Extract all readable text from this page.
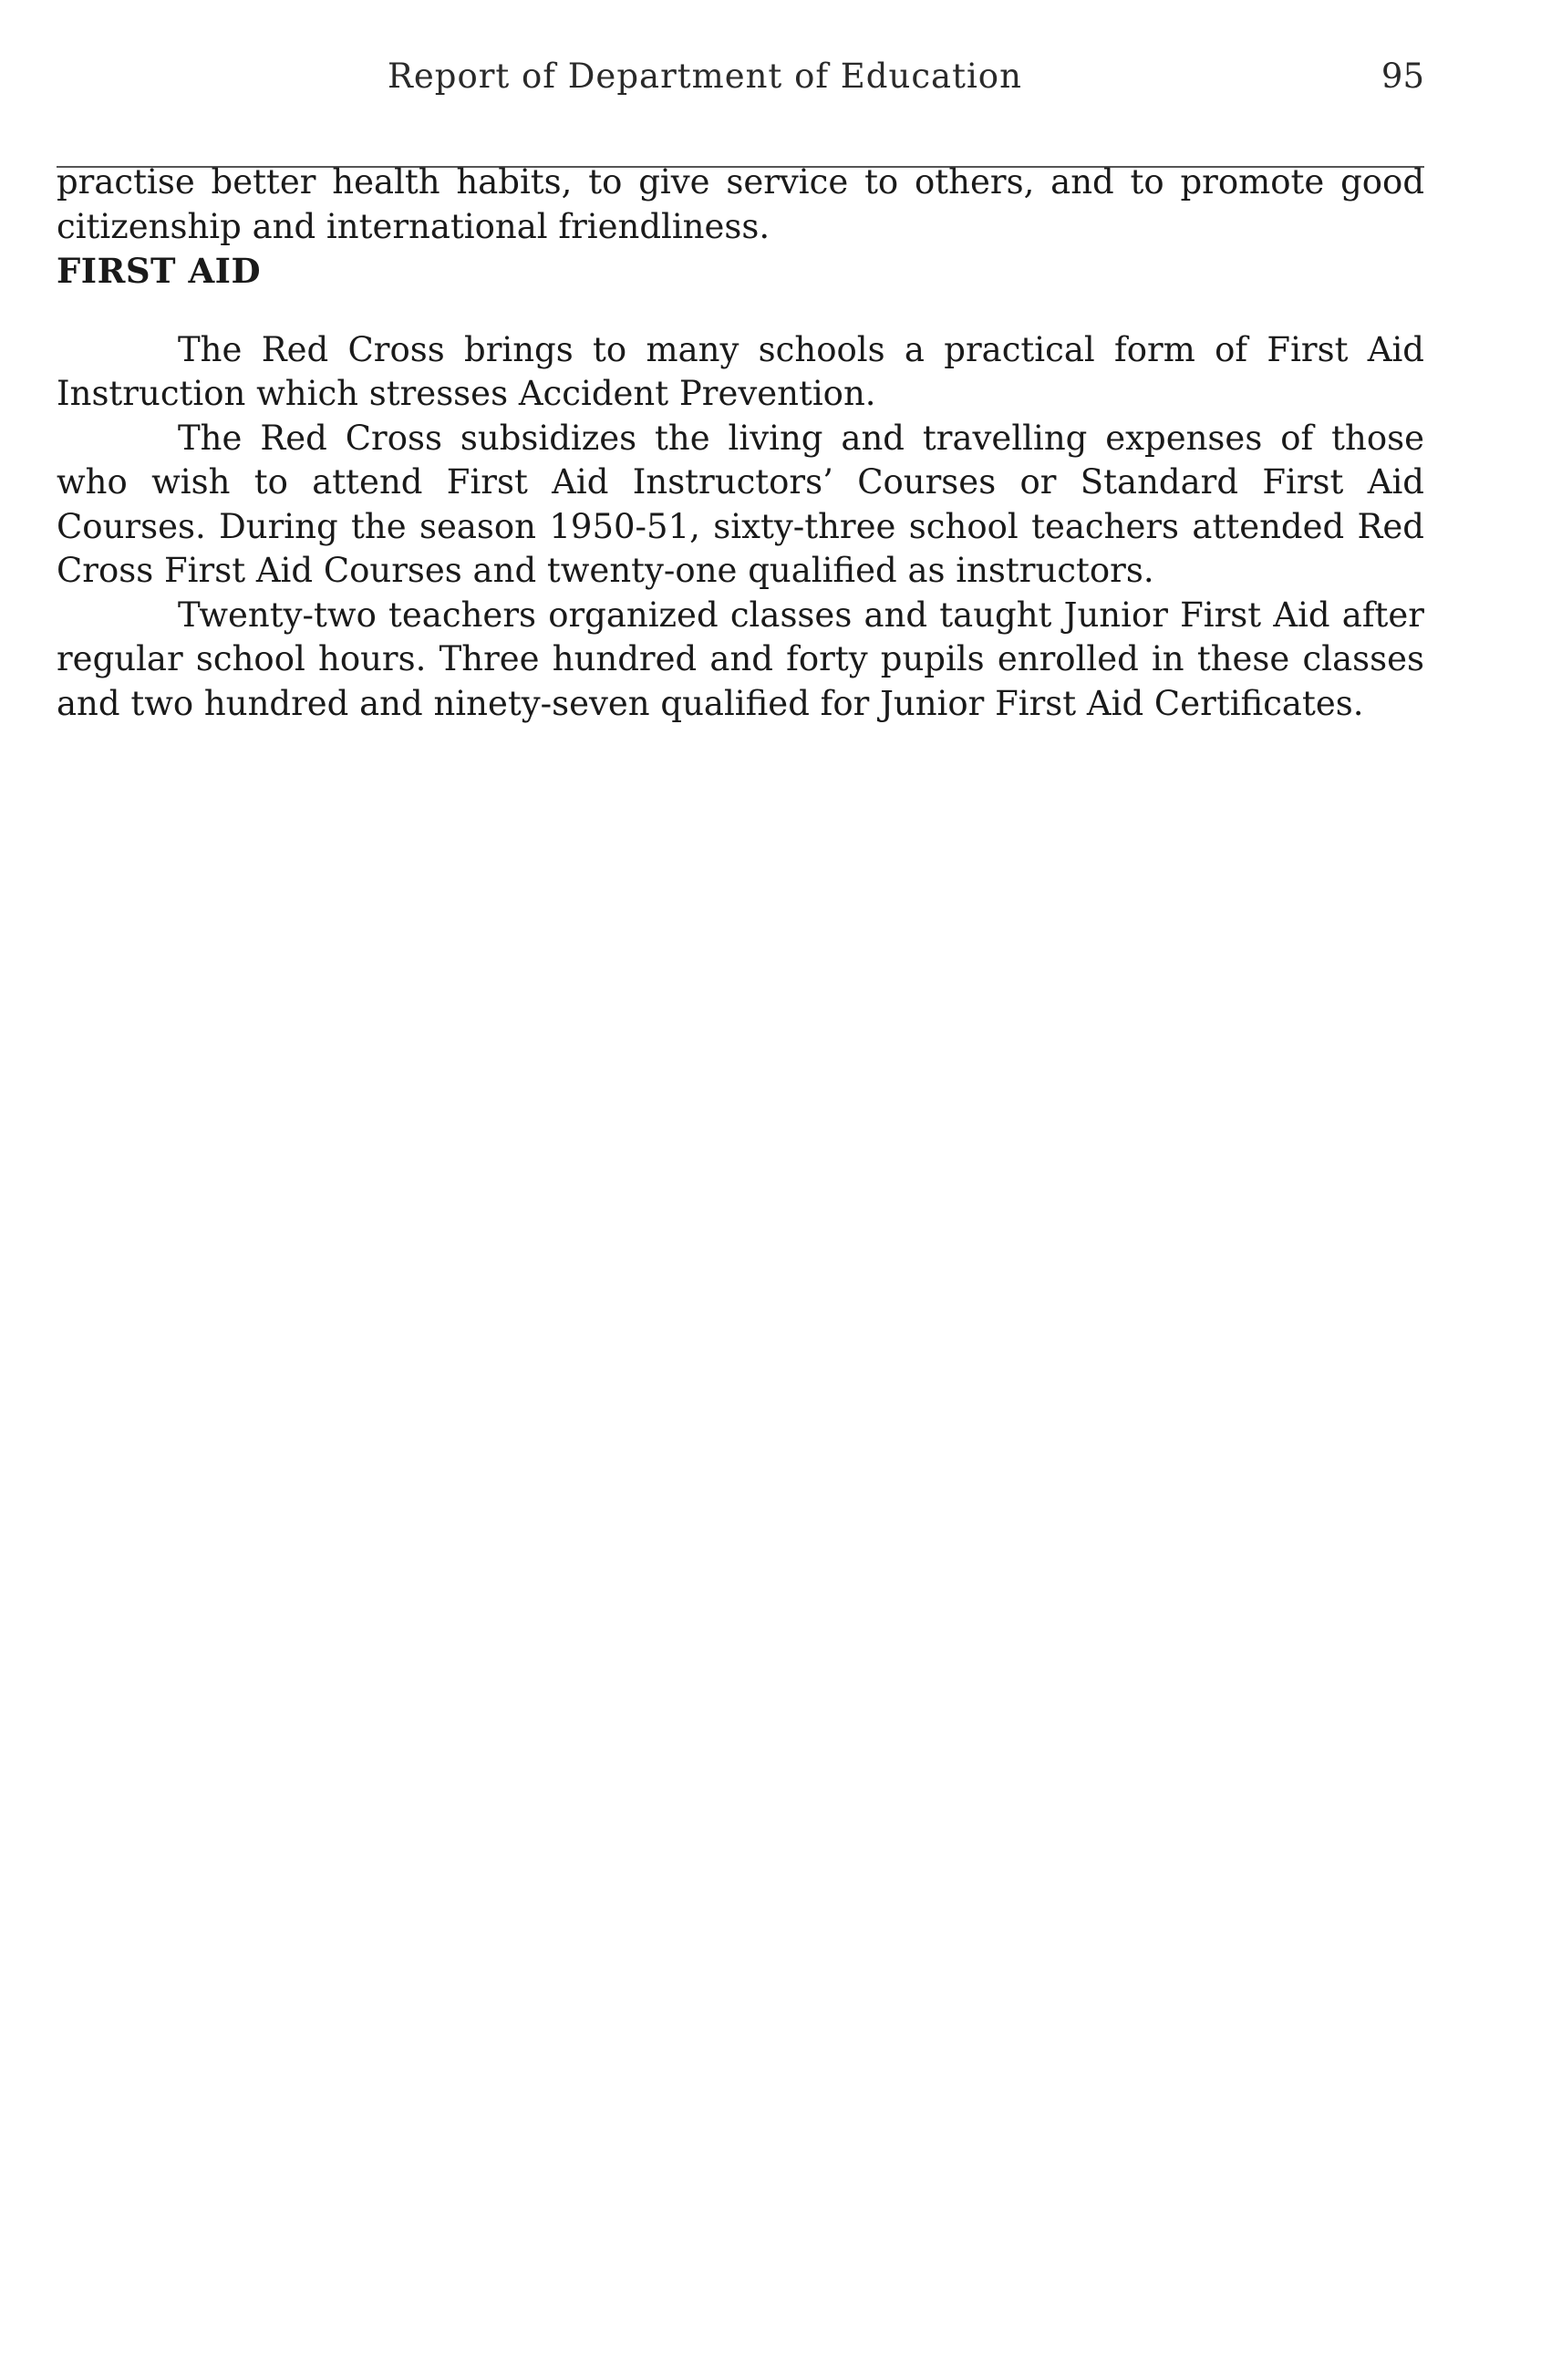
Report of Department of Education	95

practise better health habits, to give service to others, and to promote good citizenship and international friendliness.

FIRST AID

The Red Cross brings to many schools a practical form of First Aid Instruction which stresses Accident Prevention.

The Red Cross subsidizes the living and travelling expenses of those who wish to attend First Aid Instructors’ Courses or Standard First Aid Courses. During the season 1950-51, sixty-three school teachers attended Red Cross First Aid Courses and twenty-one qualified as instructors.

Twenty-two teachers organized classes and taught Junior First Aid after regular school hours. Three hundred and forty pupils enrolled in these classes and two hundred and ninety-seven qualified for Junior First Aid Certificates.
